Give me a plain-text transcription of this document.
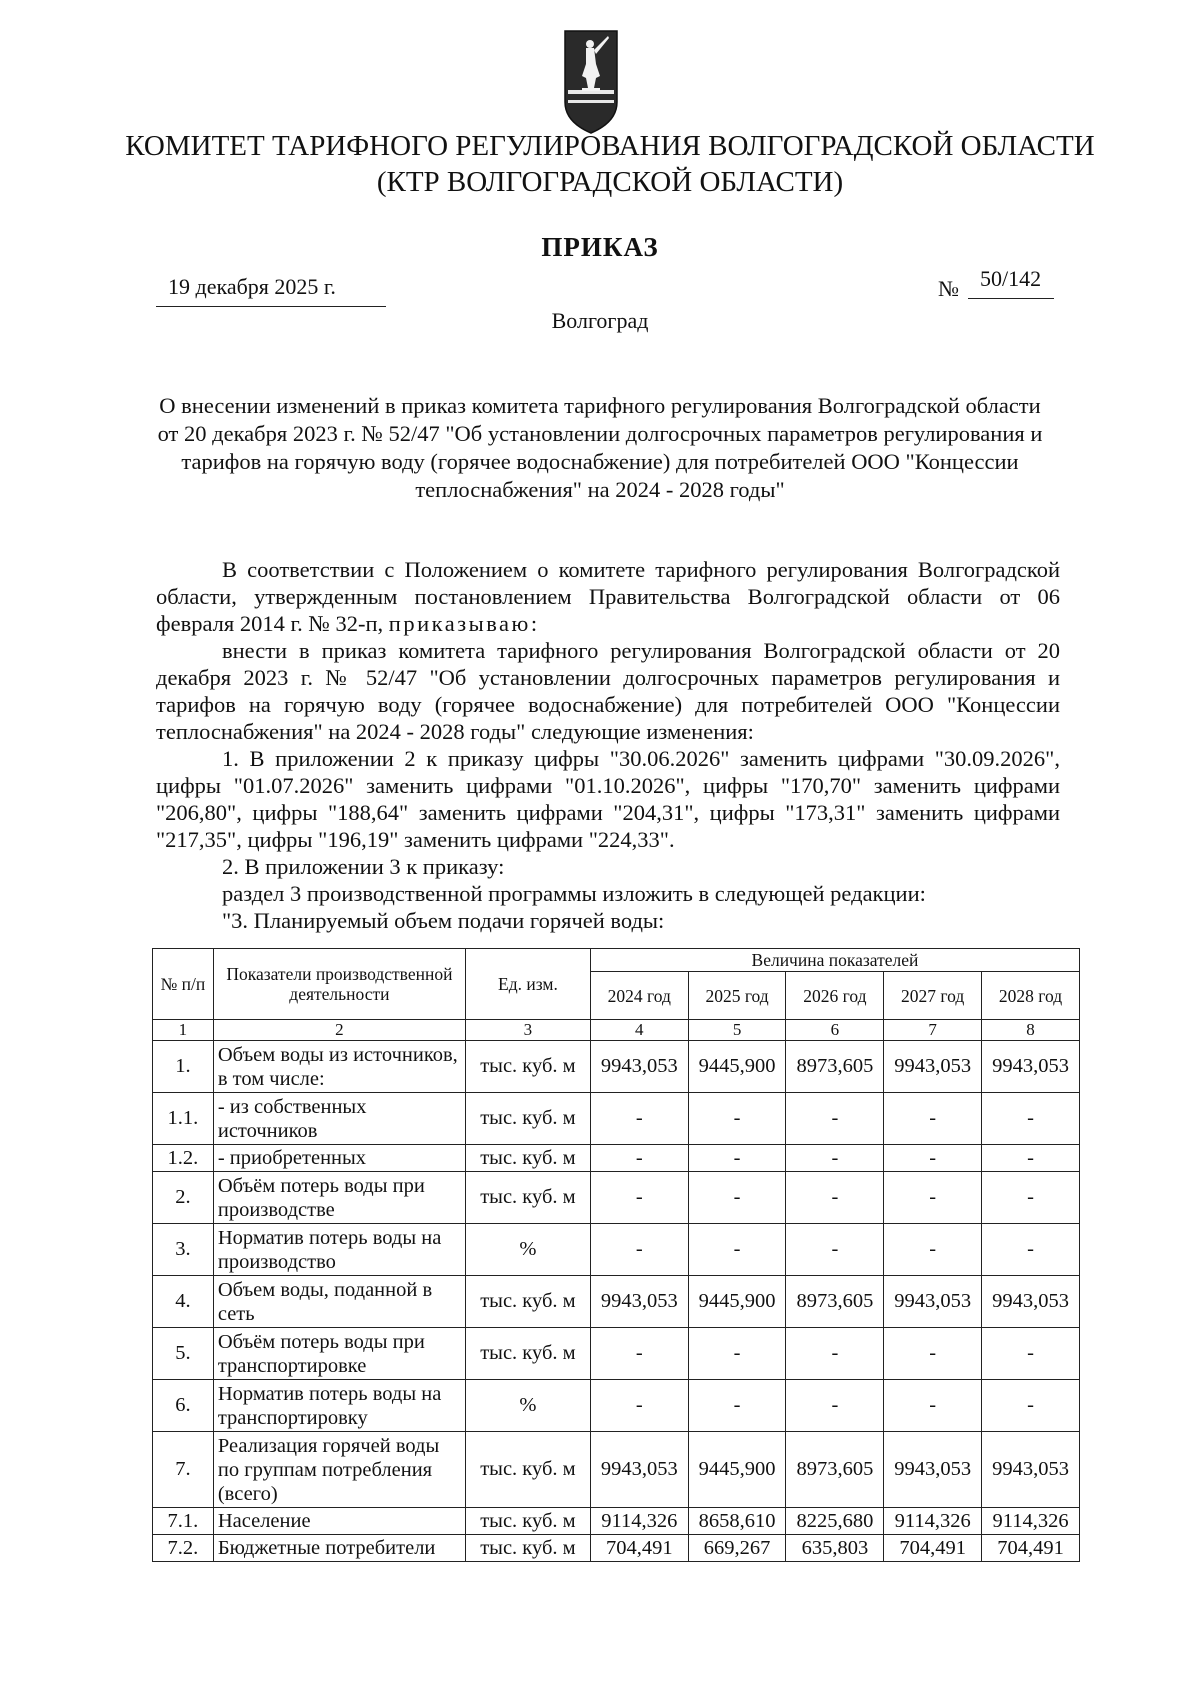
КОМИТЕТ ТАРИФНОГО РЕГУЛИРОВАНИЯ ВОЛГОГРАДСКОЙ ОБЛАСТИ
(КТР ВОЛГОГРАДСКОЙ ОБЛАСТИ)
ПРИКАЗ
19 декабря 2025 г.	№ 50/142
Волгоград
О внесении изменений в приказ комитета тарифного регулирования Волгоградской области от 20 декабря 2023 г. № 52/47 "Об установлении долгосрочных параметров регулирования и тарифов на горячую воду (горячее водоснабжение) для потребителей ООО "Концессии теплоснабжения" на 2024 - 2028 годы"

В соответствии с Положением о комитете тарифного регулирования Волгоградской области, утвержденным постановлением Правительства Волгоградской области от 06 февраля 2014 г. № 32-п, приказываю:

внести в приказ комитета тарифного регулирования Волгоградской области от 20 декабря 2023 г. № 52/47 "Об установлении долгосрочных параметров регулирования и тарифов на горячую воду (горячее водоснабжение) для потребителей ООО "Концессии теплоснабжения" на 2024 - 2028 годы" следующие изменения:

1. В приложении 2 к приказу цифры "30.06.2026" заменить цифрами "30.09.2026", цифры "01.07.2026" заменить цифрами "01.10.2026", цифры "170,70" заменить цифрами "206,80", цифры "188,64" заменить цифрами "204,31", цифры "173,31" заменить цифрами "217,35", цифры "196,19" заменить цифрами "224,33".

2. В приложении 3 к приказу:

раздел 3 производственной программы изложить в следующей редакции:

"3. Планируемый объем подачи горячей воды:

№ п/п	Показатели производственной деятельности	Ед. изм.	Величина показателей				
			2024 год	2025 год	2026 год	2027 год	2028 год
1	2	3	4	5	6	7	8
1.	Объем воды из источников, в том числе:	тыс. куб. м	9943,053	9445,900	8973,605	9943,053	9943,053
1.1.	- из собственных источников	тыс. куб. м	-	-	-	-	-
1.2.	- приобретенных	тыс. куб. м	-	-	-	-	-
2.	Объём потерь воды при производстве	тыс. куб. м	-	-	-	-	-
3.	Норматив потерь воды на производство	%	-	-	-	-	-
4.	Объем воды, поданной в сеть	тыс. куб. м	9943,053	9445,900	8973,605	9943,053	9943,053
5.	Объём потерь воды при транспортировке	тыс. куб. м	-	-	-	-	-
6.	Норматив потерь воды на транспортировку	%	-	-	-	-	-
7.	Реализация горячей воды по группам потребления (всего)	тыс. куб. м	9943,053	9445,900	8973,605	9943,053	9943,053
7.1.	Население	тыс. куб. м	9114,326	8658,610	8225,680	9114,326	9114,326
7.2.	Бюджетные потребители	тыс. куб. м	704,491	669,267	635,803	704,491	704,491
